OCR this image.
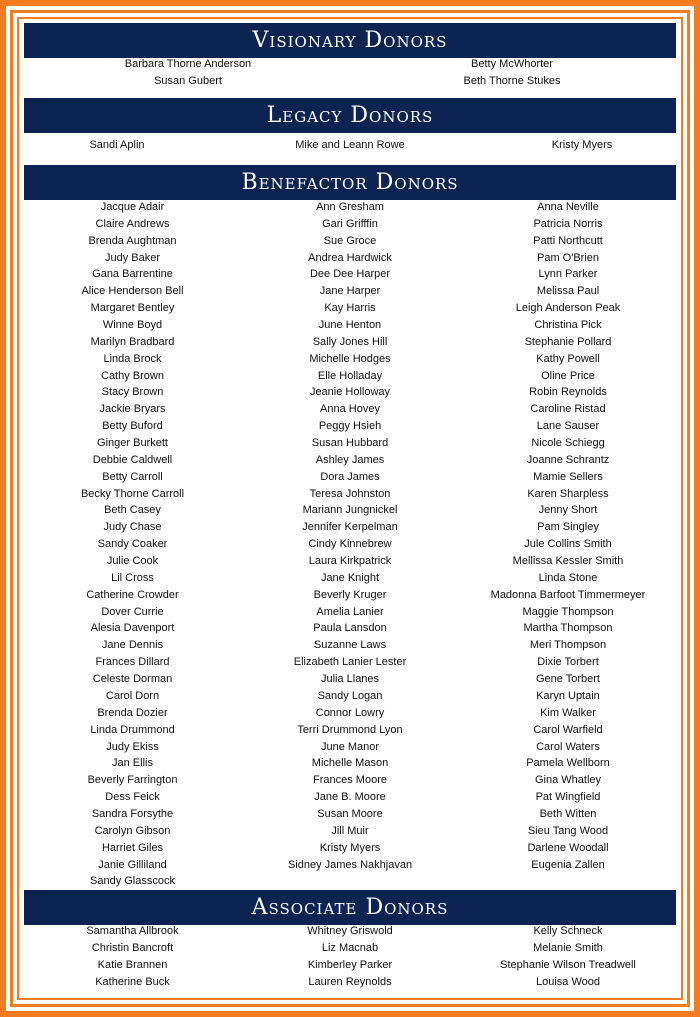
Visionary Donors
Barbara Thorne Anderson
Susan Gubert
Betty McWhorter
Beth Thorne Stukes
Legacy Donors
Sandi Aplin	Mike and Leann Rowe	Kristy Myers
Benefactor Donors
Jacque Adair
Claire Andrews
Brenda Aughtman
Judy Baker
Gana Barrentine
Alice Henderson Bell
Margaret Bentley
Winne Boyd
Marilyn Bradbard
Linda Brock
Cathy Brown
Stacy Brown
Jackie Bryars
Betty Buford
Ginger Burkett
Debbie Caldwell
Betty Carroll
Becky Thorne Carroll
Beth Casey
Judy Chase
Sandy Coaker
Julie Cook
Lil Cross
Catherine Crowder
Dover Currie
Alesia Davenport
Jane Dennis
Frances Dillard
Celeste Dorman
Carol Dorn
Brenda Dozier
Linda Drummond
Judy Ekiss
Jan Ellis
Beverly Farrington
Dess Feick
Sandra Forsythe
Carolyn Gibson
Harriet Giles
Janie Gilliland
Sandy Glasscock
Ann Gresham
Gari Grifffin
Sue Groce
Andrea Hardwick
Dee Dee Harper
Jane Harper
Kay Harris
June Henton
Sally Jones Hill
Michelle Hodges
Elle Holladay
Jeanie Holloway
Anna Hovey
Peggy Hsieh
Susan Hubbard
Ashley James
Dora James
Teresa Johnston
Mariann Jungnickel
Jennifer Kerpelman
Cindy Kinnebrew
Laura Kirkpatrick
Jane Knight
Beverly Kruger
Amelia Lanier
Paula Lansdon
Suzanne Laws
Elizabeth Lanier Lester
Julia Llanes
Sandy Logan
Connor Lowry
Terri Drummond Lyon
June Manor
Michelle Mason
Frances Moore
Jane B. Moore
Susan Moore
Jill Muir
Kristy Myers
Sidney James Nakhjavan
Anna Neville
Patricia Norris
Patti Northcutt
Pam O'Brien
Lynn Parker
Melissa Paul
Leigh Anderson Peak
Christina Pick
Stephanie Pollard
Kathy Powell
Oline Price
Robin Reynolds
Caroline Ristad
Lane Sauser
Nicole Schiegg
Joanne Schrantz
Mamie Sellers
Karen Sharpless
Jenny Short
Pam Singley
Jule Collins Smith
Mellissa Kessler Smith
Linda Stone
Madonna Barfoot Timmermeyer
Maggie Thompson
Martha Thompson
Meri Thompson
Dixie Torbert
Gene Torbert
Karyn Uptain
Kim Walker
Carol Warfield
Carol Waters
Pamela Wellborn
Gina Whatley
Pat Wingfield
Beth Witten
Sieu Tang Wood
Darlene Woodall
Eugenia Zallen
Associate Donors
Samantha Allbrook
Christin Bancroft
Katie Brannen
Katherine Buck
Whitney Griswold
Liz Macnab
Kimberley Parker
Lauren Reynolds
Kelly Schneck
Melanie Smith
Stephanie Wilson Treadwell
Louisa Wood
